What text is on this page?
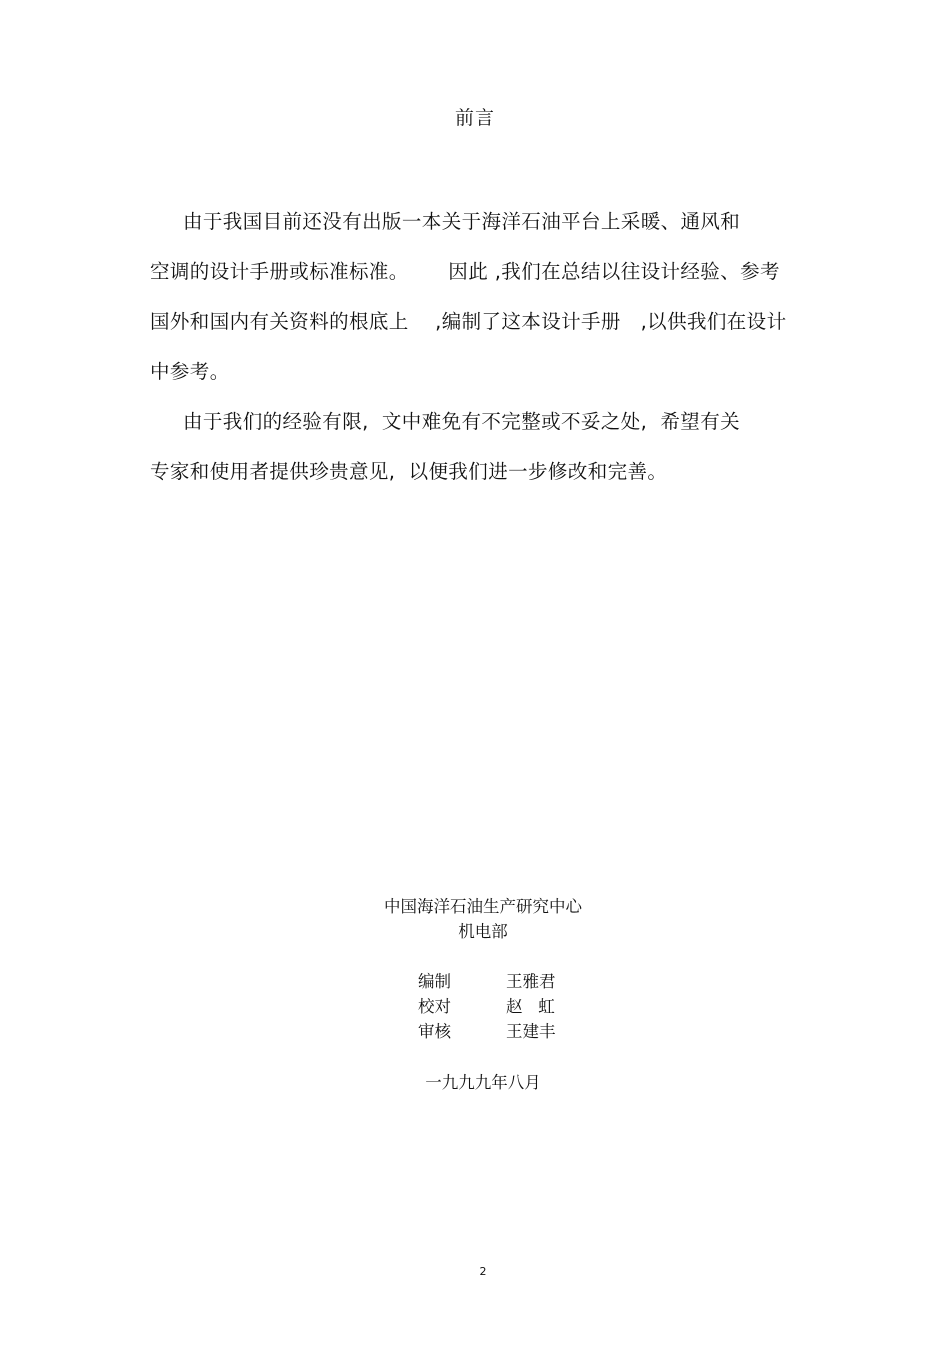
前言
由于我国目前还没有出版一本关于海洋石油平台上采暖、通风和
空调的设计手册或标准标准。      因此 ,我们在总结以往设计经验、参考
国外和国内有关资料的根底上    ,编制了这本设计手册   ,以供我们在设计
中参考。
由于我们的经验有限,  文中难免有不完整或不妥之处,  希望有关
专家和使用者提供珍贵意见,  以便我们进一步修改和完善。
中国海洋石油生产研究中心
机电部
编制	王雅君
校对	赵   虹
审核	王建丰
一九九九年八月
2
